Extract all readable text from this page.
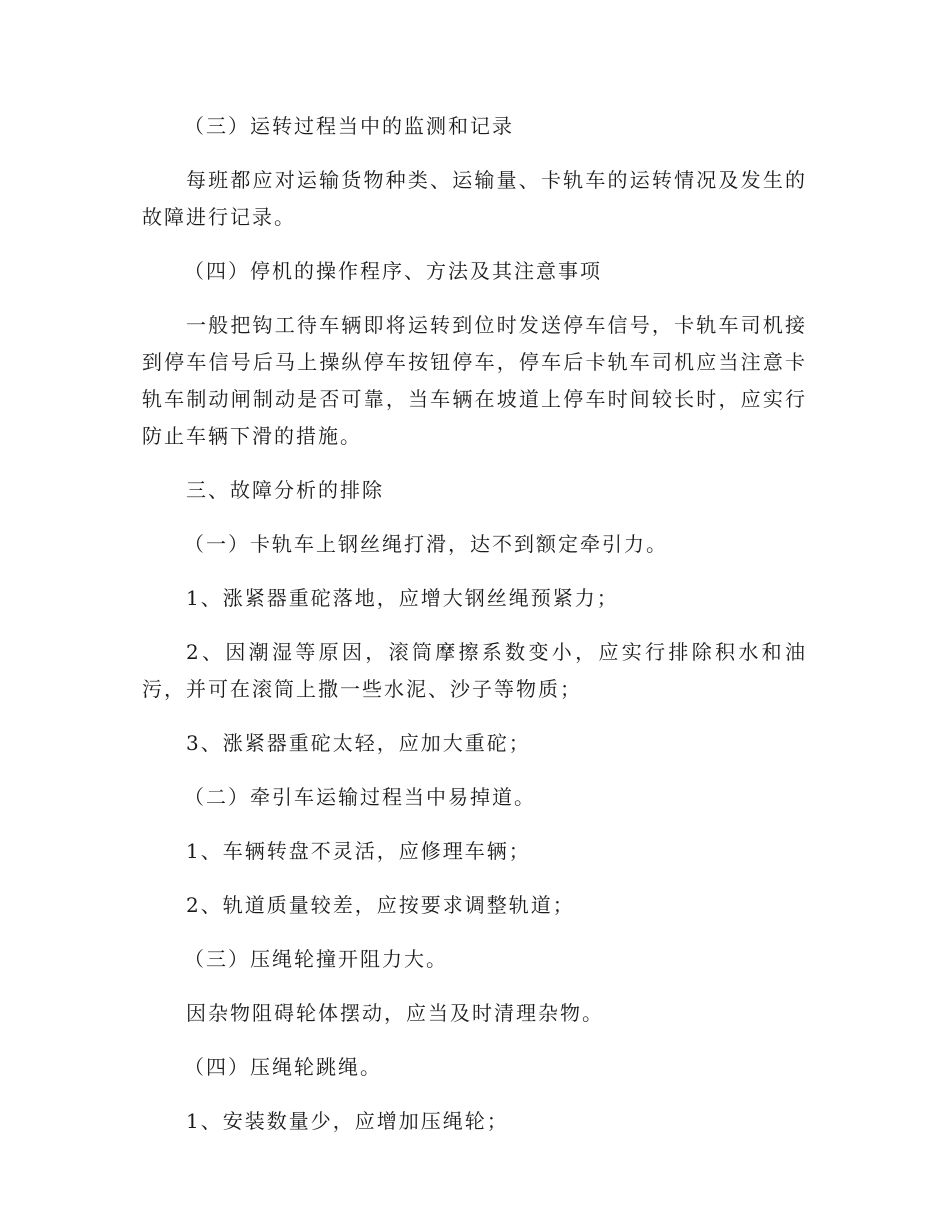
（三）运转过程当中的监测和记录

每班都应对运输货物种类、运输量、卡轨车的运转情况及发生的故障进行记录。

（四）停机的操作程序、方法及其注意事项

一般把钩工待车辆即将运转到位时发送停车信号，卡轨车司机接到停车信号后马上操纵停车按钮停车，停车后卡轨车司机应当注意卡轨车制动闸制动是否可靠，当车辆在坡道上停车时间较长时，应实行防止车辆下滑的措施。

三、故障分析的排除

（一）卡轨车上钢丝绳打滑，达不到额定牵引力。

1、涨紧器重砣落地，应增大钢丝绳预紧力；

2、因潮湿等原因，滚筒摩擦系数变小，应实行排除积水和油污，并可在滚筒上撒一些水泥、沙子等物质；

3、涨紧器重砣太轻，应加大重砣；

（二）牵引车运输过程当中易掉道。

1、车辆转盘不灵活，应修理车辆；

2、轨道质量较差，应按要求调整轨道；

（三）压绳轮撞开阻力大。

因杂物阻碍轮体摆动，应当及时清理杂物。

（四）压绳轮跳绳。

1、安装数量少，应增加压绳轮；
